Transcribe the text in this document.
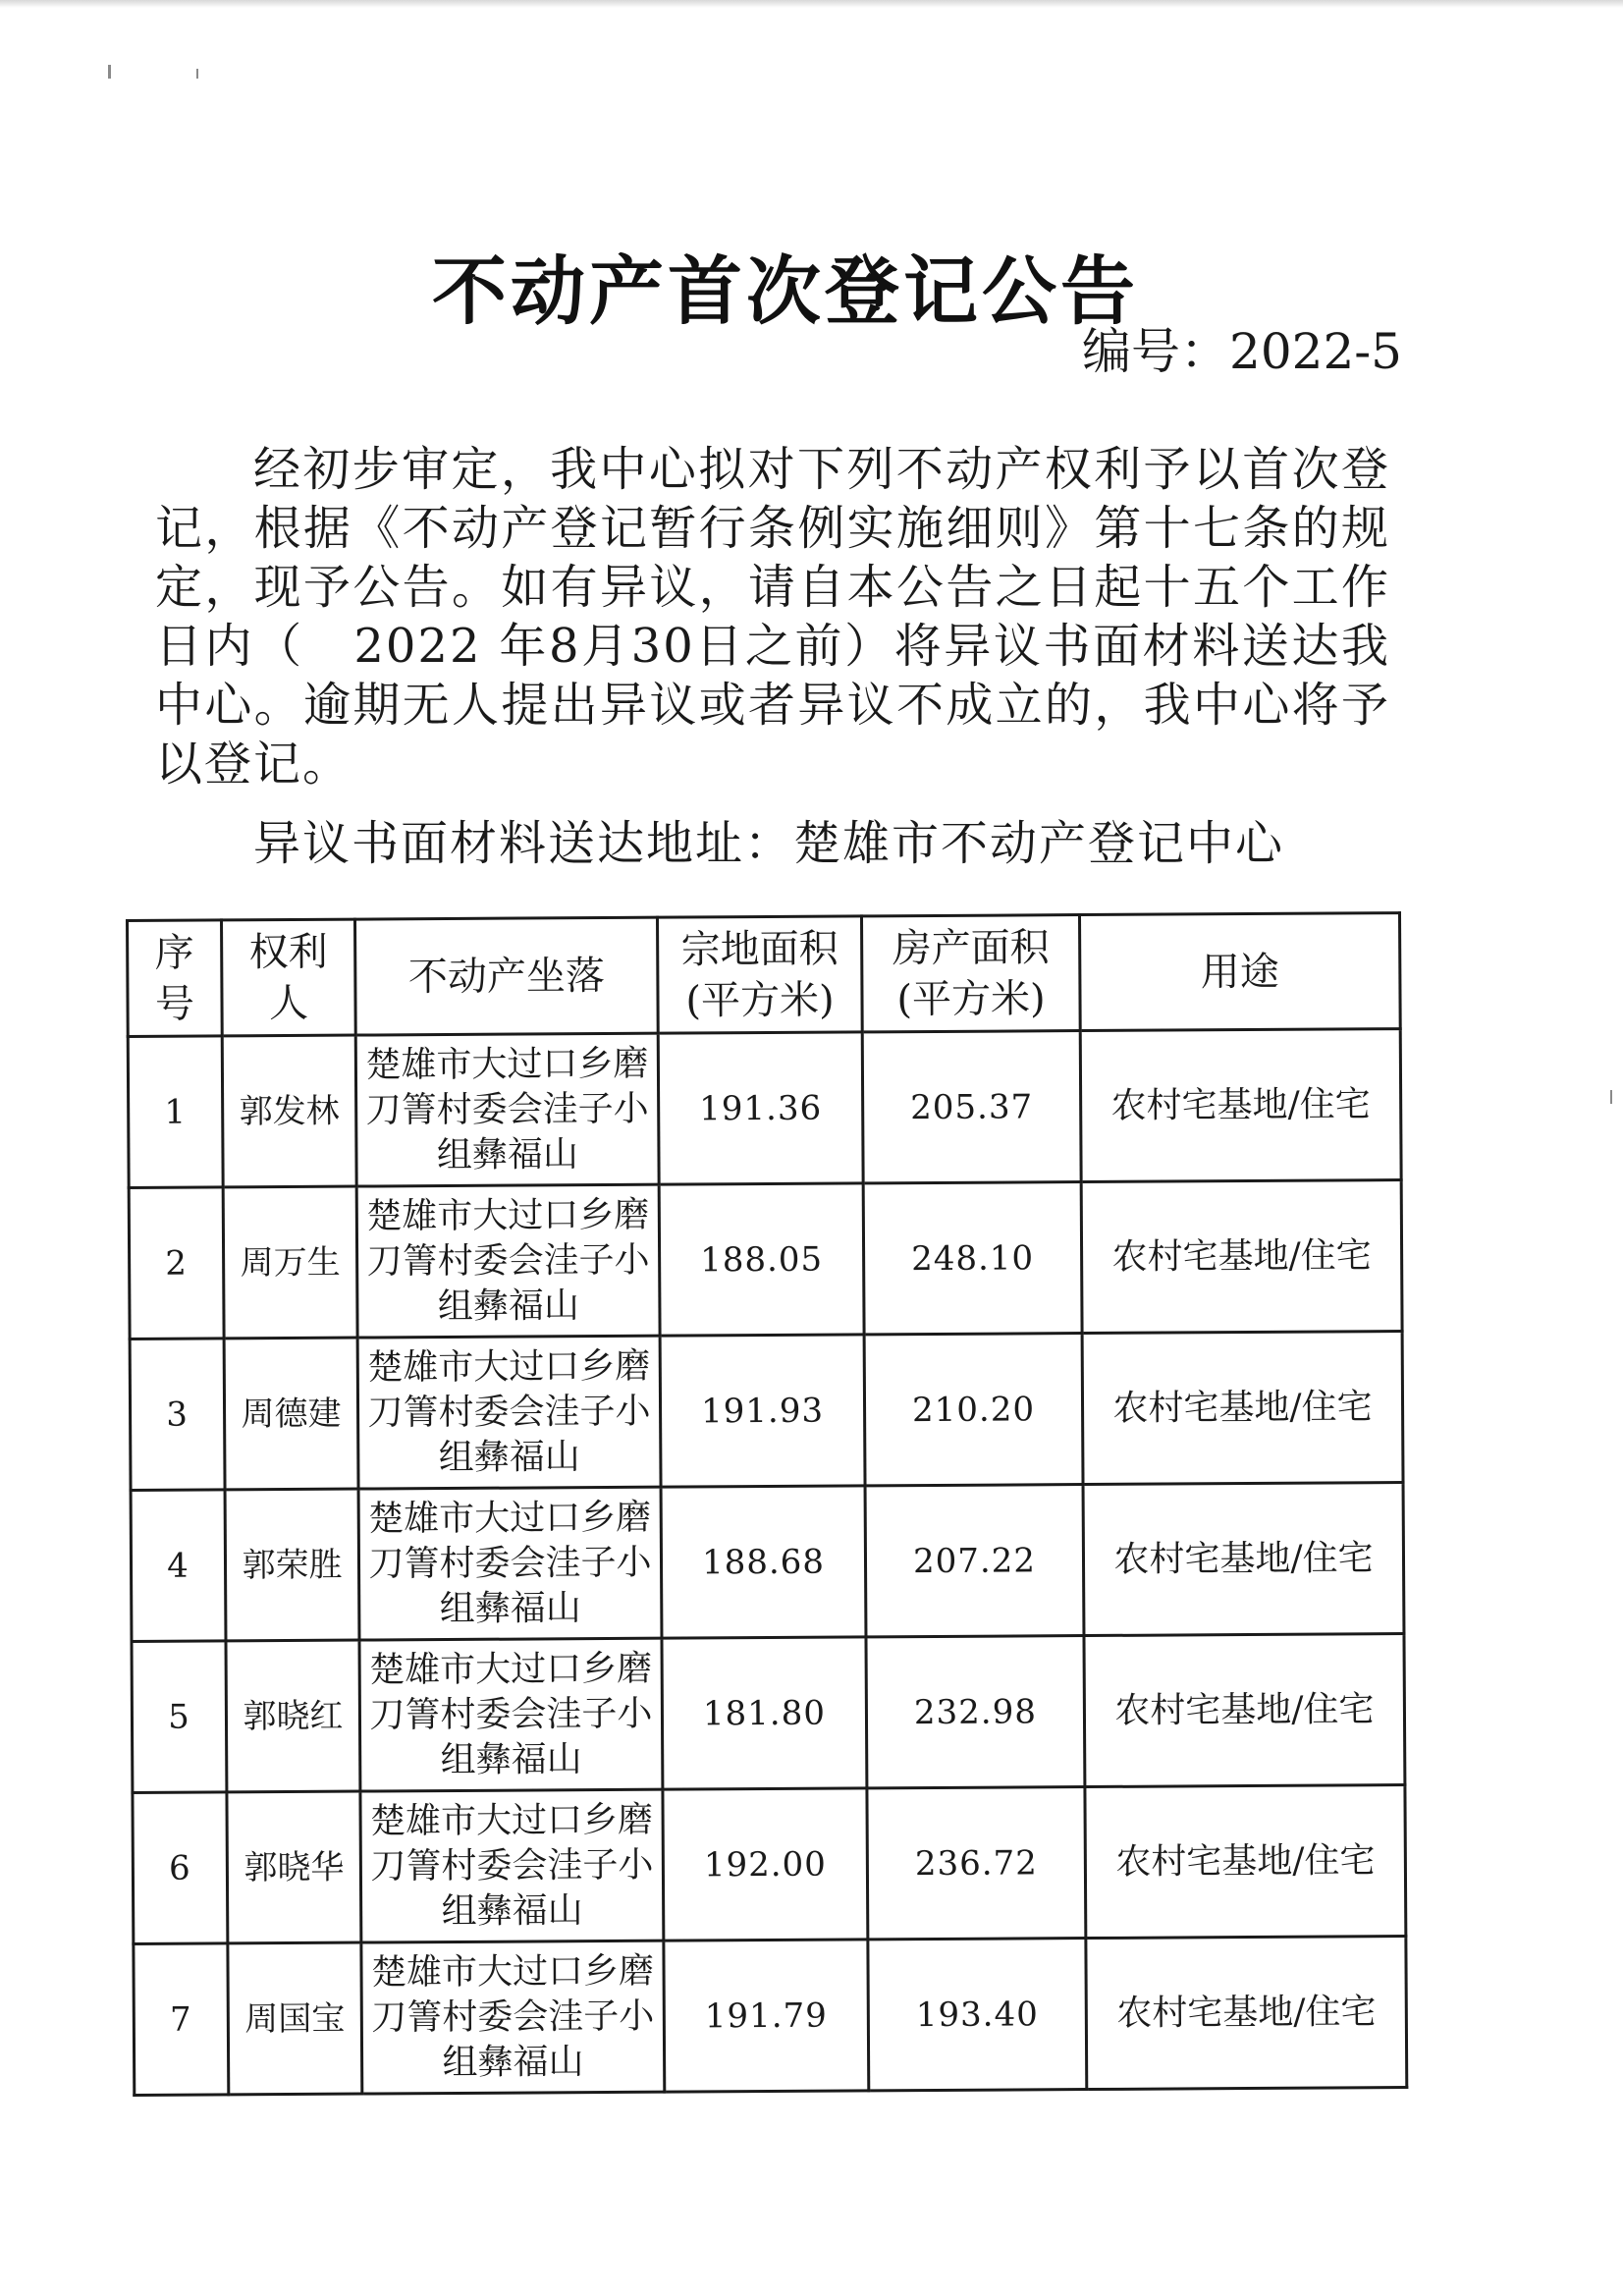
不动产首次登记公告
编号：2022-5

经初步审定，我中心拟对下列不动产权利予以首次登记，根据《不动产登记暂行条例实施细则》第十七条的规定，现予公告。如有异议，请自本公告之日起十五个工作日内（　2022 年8月30日之前）将异议书面材料送达我中心。逾期无人提出异议或者异议不成立的，我中心将予以登记。

异议书面材料送达地址：楚雄市不动产登记中心

序号	权利人	不动产坐落	宗地面积(平方米)	房产面积(平方米)	用途
1	郭发林	楚雄市大过口乡磨刀箐村委会洼子小组彝福山	191.36	205.37	农村宅基地/住宅
2	周万生	楚雄市大过口乡磨刀箐村委会洼子小组彝福山	188.05	248.10	农村宅基地/住宅
3	周德建	楚雄市大过口乡磨刀箐村委会洼子小组彝福山	191.93	210.20	农村宅基地/住宅
4	郭荣胜	楚雄市大过口乡磨刀箐村委会洼子小组彝福山	188.68	207.22	农村宅基地/住宅
5	郭晓红	楚雄市大过口乡磨刀箐村委会洼子小组彝福山	181.80	232.98	农村宅基地/住宅
6	郭晓华	楚雄市大过口乡磨刀箐村委会洼子小组彝福山	192.00	236.72	农村宅基地/住宅
7	周国宝	楚雄市大过口乡磨刀箐村委会洼子小组彝福山	191.79	193.40	农村宅基地/住宅
